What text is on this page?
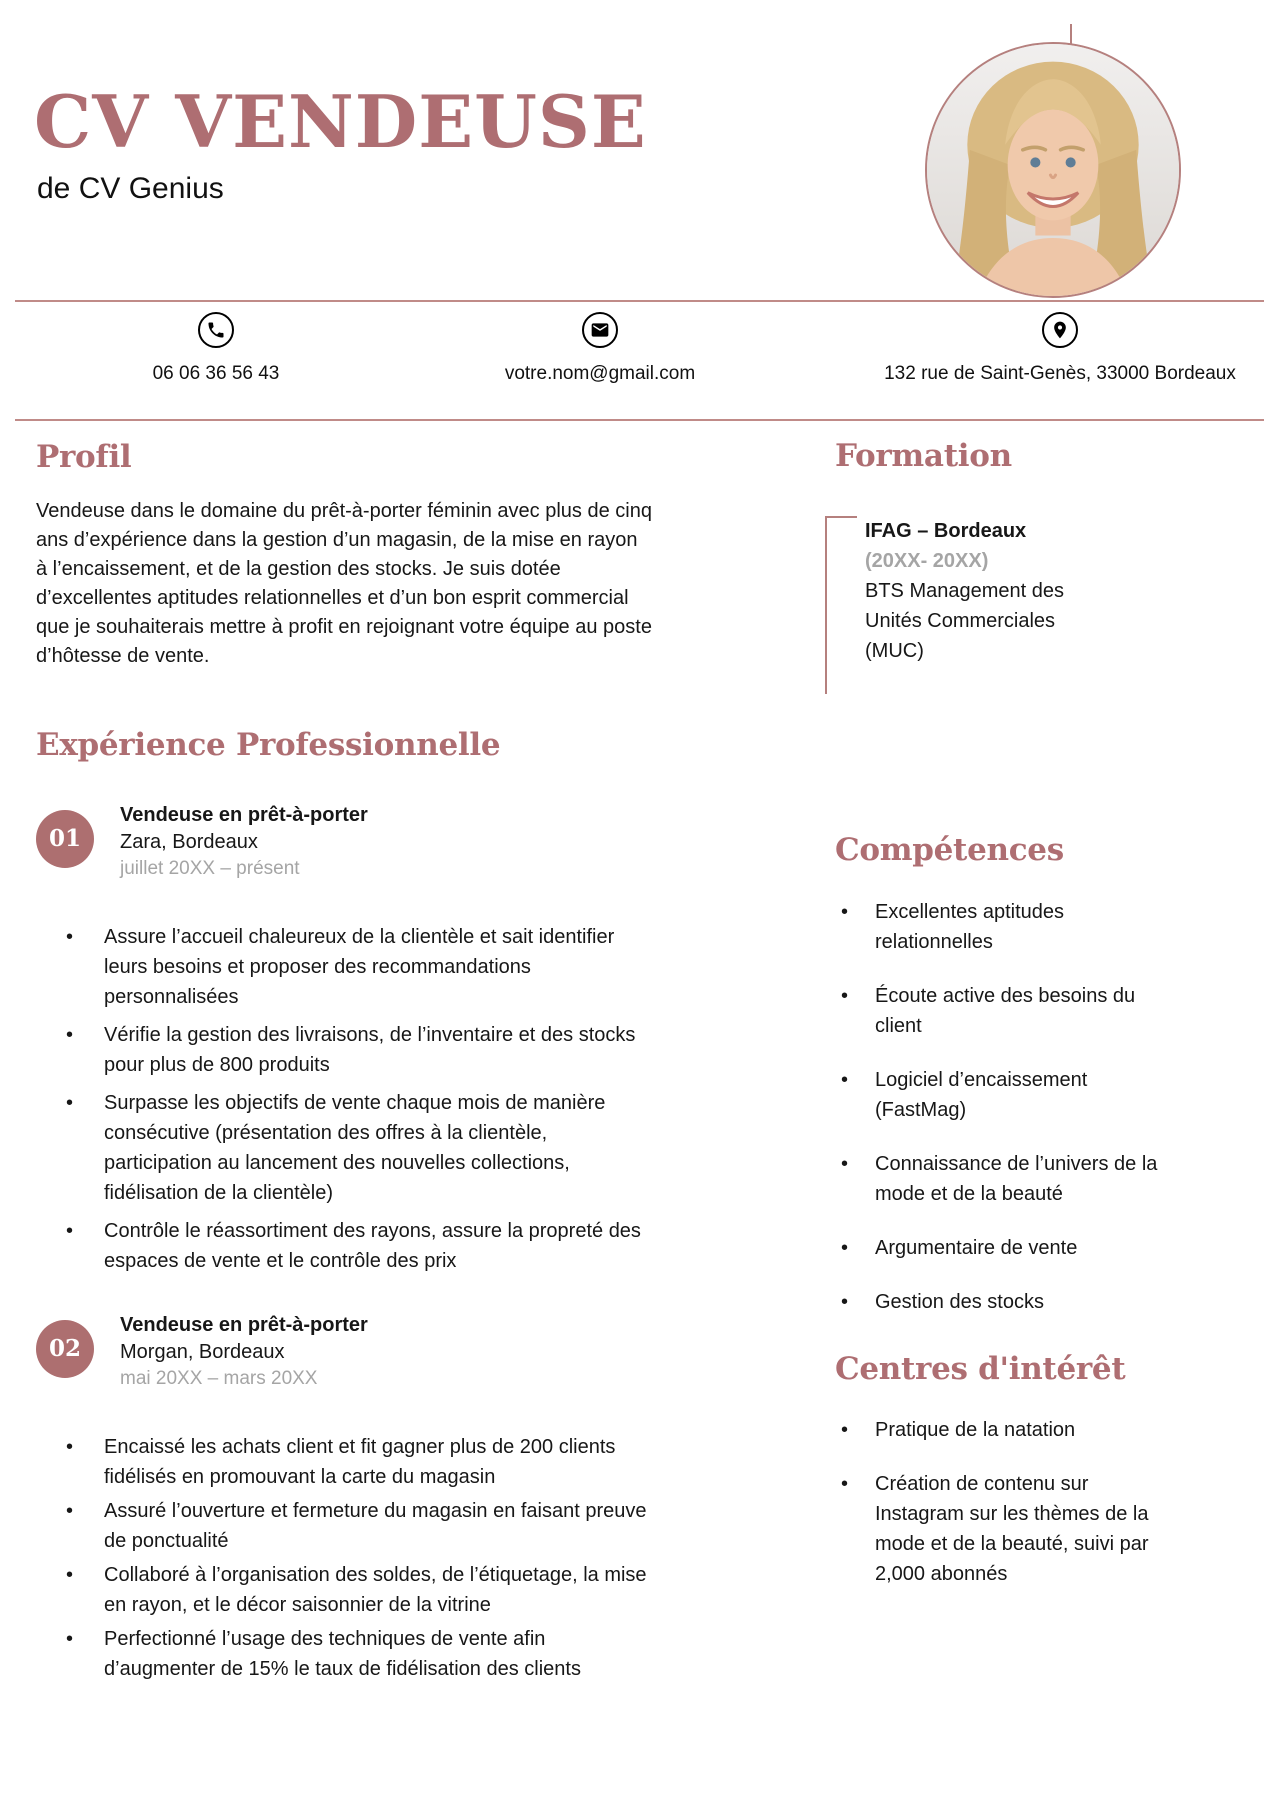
CV VENDEUSE
de CV Genius
06 06 36 56 43	votre.nom@gmail.com	132 rue de Saint-Genès, 33000 Bordeaux
Profil

Vendeuse dans le domaine du prêt-à-porter féminin avec plus de cinq ans d’expérience dans la gestion d’un magasin, de la mise en rayon à l’encaissement, et de la gestion des stocks. Je suis dotée d’excellentes aptitudes relationnelles et d’un bon esprit commercial que je souhaiterais mettre à profit en rejoignant votre équipe au poste d’hôtesse de vente.

Expérience Professionnelle
01
Vendeuse en prêt-à-porter
Zara, Bordeaux
juillet 20XX – présent
• Assure l’accueil chaleureux de la clientèle et sait identifier leurs besoins et proposer des recommandations personnalisées
• Vérifie la gestion des livraisons, de l’inventaire et des stocks pour plus de 800 produits
• Surpasse les objectifs de vente chaque mois de manière consécutive (présentation des offres à la clientèle, participation au lancement des nouvelles collections, fidélisation de la clientèle)
• Contrôle le réassortiment des rayons, assure la propreté des espaces de vente et le contrôle des prix
02
Vendeuse en prêt-à-porter
Morgan, Bordeaux
mai 20XX – mars 20XX
• Encaissé les achats client et fit gagner plus de 200 clients fidélisés en promouvant la carte du magasin
• Assuré l’ouverture et fermeture du magasin en faisant preuve de ponctualité
• Collaboré à l’organisation des soldes, de l’étiquetage, la mise en rayon, et le décor saisonnier de la vitrine
• Perfectionné l’usage des techniques de vente afin d’augmenter de 15% le taux de fidélisation des clients
Formation
IFAG – Bordeaux
(20XX- 20XX)
BTS Management des Unités Commerciales (MUC)
Compétences
• Excellentes aptitudes relationnelles
• Écoute active des besoins du client
• Logiciel d’encaissement (FastMag)
• Connaissance de l’univers de la mode et de la beauté
• Argumentaire de vente
• Gestion des stocks
Centres d'intérêt
• Pratique de la natation
• Création de contenu sur Instagram sur les thèmes de la mode et de la beauté, suivi par 2,000 abonnés
